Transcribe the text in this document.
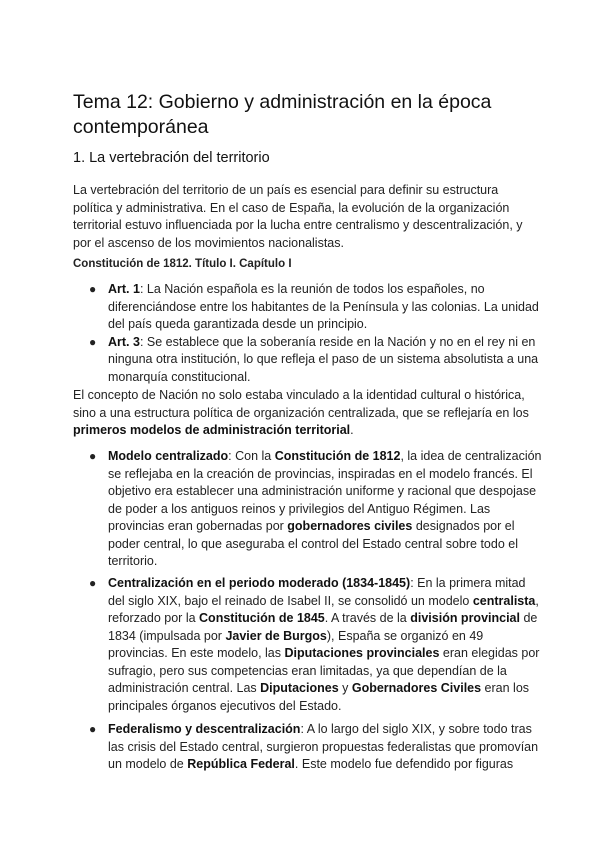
Tema 12: Gobierno y administración en la época contemporánea
1. La vertebración del territorio

La vertebración del territorio de un país es esencial para definir su estructura política y administrativa. En el caso de España, la evolución de la organización territorial estuvo influenciada por la lucha entre centralismo y descentralización, y por el ascenso de los movimientos nacionalistas.

Constitución de 1812. Título I. Capítulo I

● Art. 1: La Nación española es la reunión de todos los españoles, no diferenciándose entre los habitantes de la Península y las colonias. La unidad del país queda garantizada desde un principio.
● Art. 3: Se establece que la soberanía reside en la Nación y no en el rey ni en ninguna otra institución, lo que refleja el paso de un sistema absolutista a una monarquía constitucional.

El concepto de Nación no solo estaba vinculado a la identidad cultural o histórica, sino a una estructura política de organización centralizada, que se reflejaría en los primeros modelos de administración territorial.

● Modelo centralizado: Con la Constitución de 1812, la idea de centralización se reflejaba en la creación de provincias, inspiradas en el modelo francés. El objetivo era establecer una administración uniforme y racional que despojase de poder a los antiguos reinos y privilegios del Antiguo Régimen. Las provincias eran gobernadas por gobernadores civiles designados por el poder central, lo que aseguraba el control del Estado central sobre todo el territorio.
● Centralización en el periodo moderado (1834-1845): En la primera mitad del siglo XIX, bajo el reinado de Isabel II, se consolidó un modelo centralista, reforzado por la Constitución de 1845. A través de la división provincial de 1834 (impulsada por Javier de Burgos), España se organizó en 49 provincias. En este modelo, las Diputaciones provinciales eran elegidas por sufragio, pero sus competencias eran limitadas, ya que dependían de la administración central. Las Diputaciones y Gobernadores Civiles eran los principales órganos ejecutivos del Estado.
● Federalismo y descentralización: A lo largo del siglo XIX, y sobre todo tras las crisis del Estado central, surgieron propuestas federalistas que promovían un modelo de República Federal. Este modelo fue defendido por figuras
